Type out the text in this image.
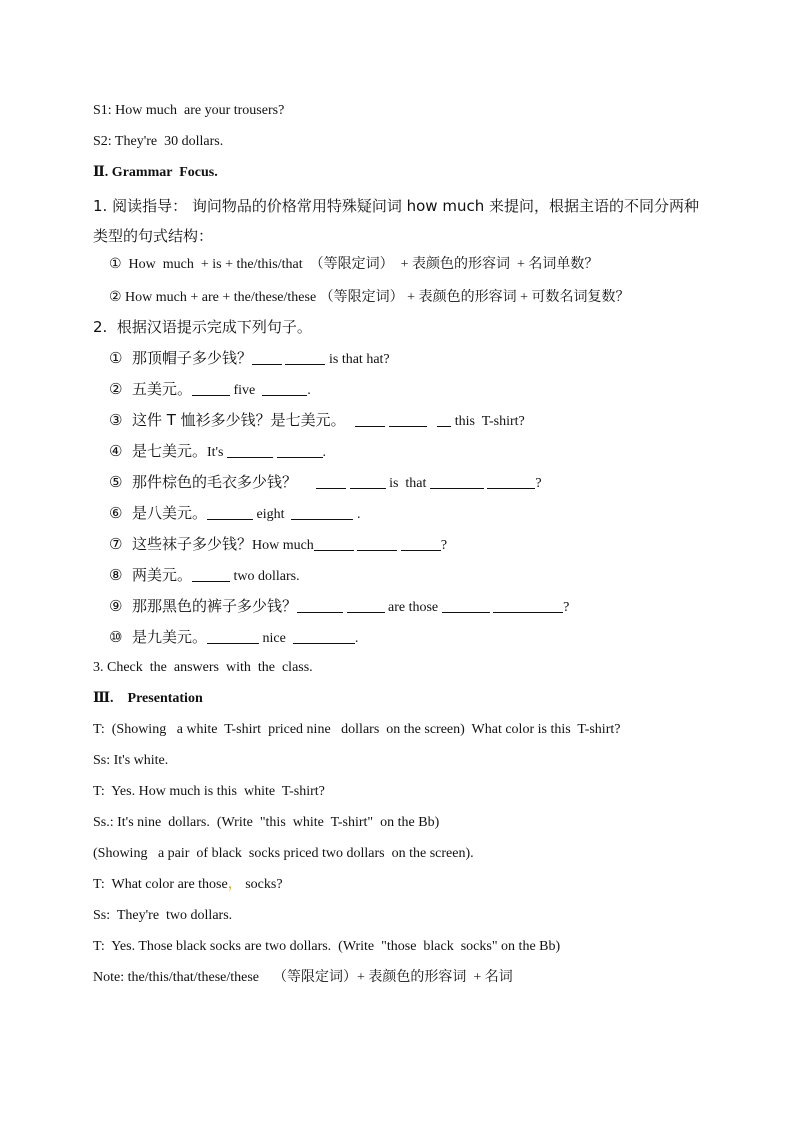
S1: How much  are your trousers?
S2: They're  30 dollars.
Ⅱ. Grammar  Focus.
1. 阅读指导： 询问物品的价格常用特殊疑问词 how much 来提问，根据主语的不同分两种类型的句式结构：
①  How  much  + is + the/this/that  （等限定词）  + 表颜色的形容词  + 名词单数？
② How much + are + the/these/these （等限定词） + 表颜色的形容词 + 可数名词复数？
2.  根据汉语提示完成下列句子。
①  那顶帽子多少钱？	is that hat?
②  五美元。	five	.
③  这件 T 恤衫多少钱？是七美元。	this  T-shirt?
④  是七美元。It's	.
⑤  那件棕色的毛衣多少钱？	is  that	?
⑥  是八美元。	eight	.
⑦  这些袜子多少钱？How much	?
⑧  两美元。	two dollars.
⑨  那那黑色的裤子多少钱？	are those	?
⑩  是九美元。	nice	.
3. Check  the  answers  with  the  class.
Ⅲ.    Presentation
T:  (Showing   a white  T-shirt  priced nine   dollars  on the screen)  What color is this  T-shirt?
Ss: It's white.
T:  Yes. How much is this  white  T-shirt?
Ss.: It's nine  dollars.  (Write  "this  white  T-shirt"  on the Bb)
(Showing   a pair  of black  socks priced two dollars  on the screen).
T:  What color are those， socks?
Ss:  They're  two dollars.
T:  Yes. Those black socks are two dollars.  (Write  "those  black  socks" on the Bb)
Note: the/this/that/these/these    （等限定词）+ 表颜色的形容词  + 名词
